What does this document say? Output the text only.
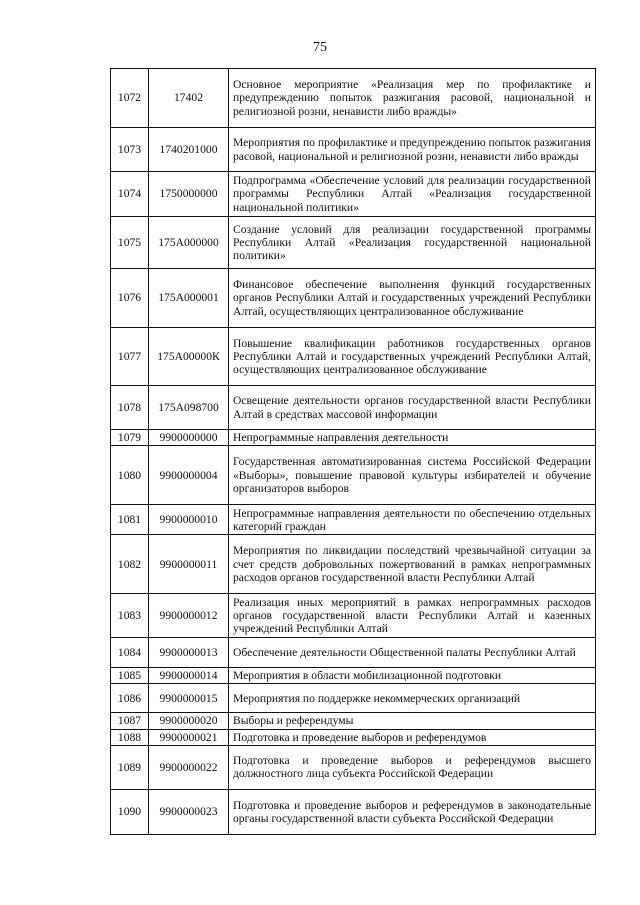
75
1072	17402	Основное мероприятие «Реализация мер по профилактике и предупреждению попыток разжигания расовой, национальной и религиозной розни, ненависти либо вражды»
1073	1740201000	Мероприятия по профилактике и предупреждению попыток разжигания расовой, национальной и религиозной розни, ненависти либо вражды
1074	1750000000	Подпрограмма «Обеспечение условий для реализации государственной программы Республики Алтай «Реализация государственной национальной политики»
1075	175А000000	Создание условий для реализации государственной программы Республики Алтай «Реализация государственной национальной политики»
1076	175А000001	Финансовое обеспечение выполнения функций государственных органов Республики Алтай и государственных учреждений Республики Алтай, осуществляющих централизованное обслуживание
1077	175А00000К	Повышение квалификации работников государственных органов Республики Алтай и государственных учреждений Республики Алтай, осуществляющих централизованное обслуживание
1078	175А098700	Освещение деятельности органов государственной власти Республики Алтай в средствах массовой информации
1079	9900000000	Непрограммные направления деятельности
1080	9900000004	Государственная автоматизированная система Российской Федерации «Выборы», повышение правовой культуры избирателей и обучение организаторов выборов
1081	9900000010	Непрограммные направления деятельности по обеспечению отдельных категорий граждан
1082	9900000011	Мероприятия по ликвидации последствий чрезвычайной ситуации за счет средств добровольных пожертвований в рамках непрограммных расходов органов государственной власти Республики Алтай
1083	9900000012	Реализация иных мероприятий в рамках непрограммных расходов органов государственной власти Республики Алтай и казенных учреждений Республики Алтай
1084	9900000013	Обеспечение деятельности Общественной палаты Республики Алтай
1085	9900000014	Мероприятия в области мобилизационной подготовки
1086	9900000015	Мероприятия по поддержке некоммерческих организаций
1087	9900000020	Выборы и референдумы
1088	9900000021	Подготовка и проведение выборов и референдумов
1089	9900000022	Подготовка и проведение выборов и референдумов высшего должностного лица субъекта Российской Федерации
1090	9900000023	Подготовка и проведение выборов и референдумов в законодательные органы государственной власти субъекта Российской Федерации
